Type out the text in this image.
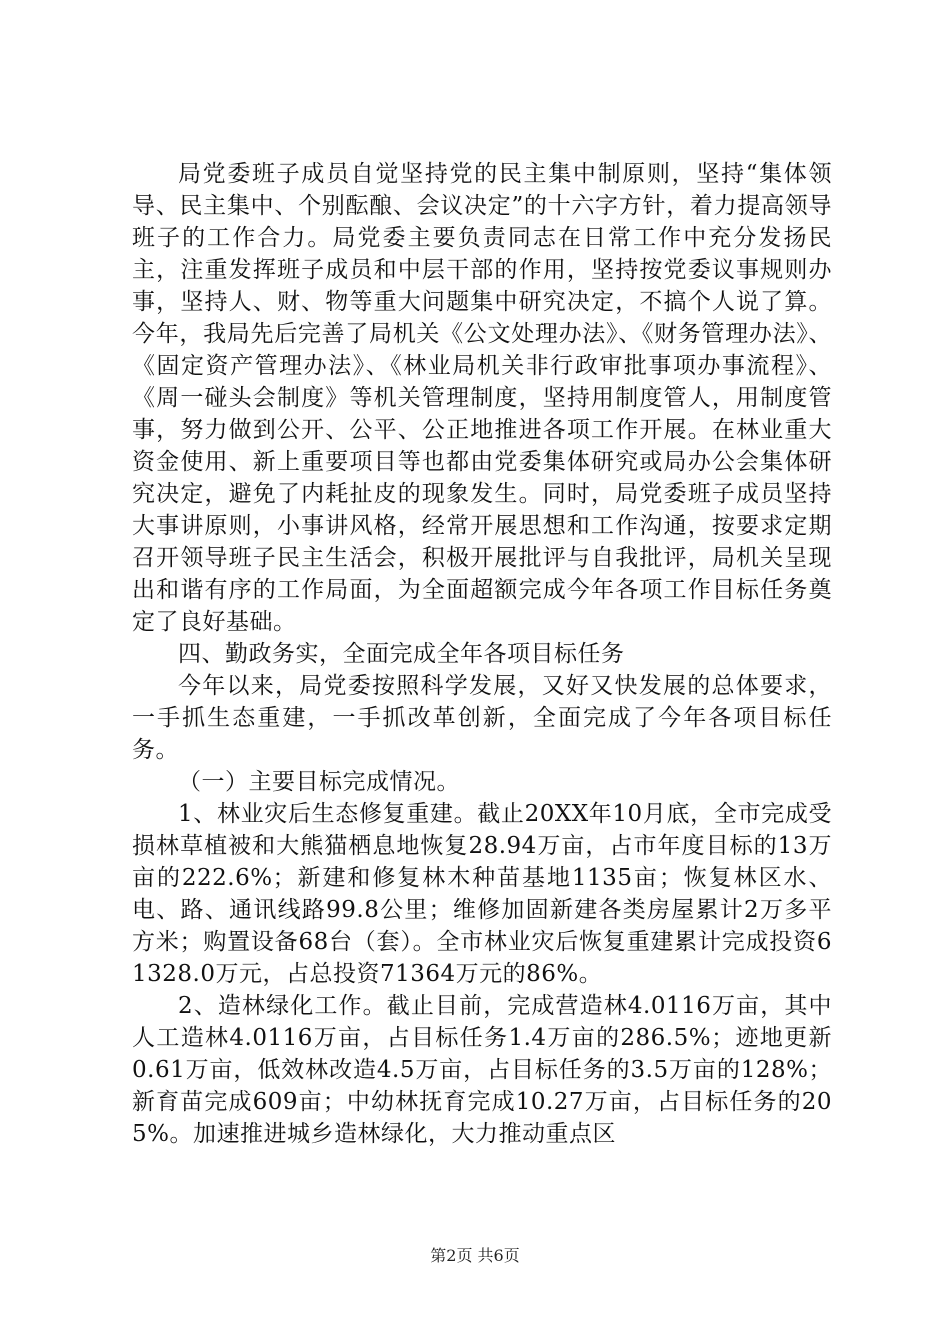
局党委班子成员自觉坚持党的民主集中制原则，坚持“集体领导、民主集中、个别酝酿、会议决定”的十六字方针，着力提高领导班子的工作合力。局党委主要负责同志在日常工作中充分发扬民主，注重发挥班子成员和中层干部的作用，坚持按党委议事规则办事，坚持人、财、物等重大问题集中研究决定，不搞个人说了算。今年，我局先后完善了局机关《公文处理办法》、《财务管理办法》、《固定资产管理办法》、《林业局机关非行政审批事项办事流程》、《周一碰头会制度》等机关管理制度，坚持用制度管人，用制度管事，努力做到公开、公平、公正地推进各项工作开展。在林业重大资金使用、新上重要项目等也都由党委集体研究或局办公会集体研究决定，避免了内耗扯皮的现象发生。同时，局党委班子成员坚持大事讲原则，小事讲风格，经常开展思想和工作沟通，按要求定期召开领导班子民主生活会，积极开展批评与自我批评，局机关呈现出和谐有序的工作局面，为全面超额完成今年各项工作目标任务奠定了良好基础。

四、勤政务实，全面完成全年各项目标任务

今年以来，局党委按照科学发展，又好又快发展的总体要求，一手抓生态重建，一手抓改革创新，全面完成了今年各项目标任务。

（一）主要目标完成情况。

1、林业灾后生态修复重建。截止20XX年10月底，全市完成受损林草植被和大熊猫栖息地恢复28.94万亩，占市年度目标的13万亩的222.6%；新建和修复林木种苗基地1135亩；恢复林区水、电、路、通讯线路99.8公里；维修加固新建各类房屋累计2万多平方米；购置设备68台（套）。全市林业灾后恢复重建累计完成投资61328.0万元，占总投资71364万元的86%。

2、造林绿化工作。截止目前，完成营造林4.0116万亩，其中人工造林4.0116万亩，占目标任务1.4万亩的286.5%；迹地更新0.61万亩，低效林改造4.5万亩，占目标任务的3.5万亩的128%；新育苗完成609亩；中幼林抚育完成10.27万亩，占目标任务的205%。加速推进城乡造林绿化，大力推动重点区

第2页 共6页
